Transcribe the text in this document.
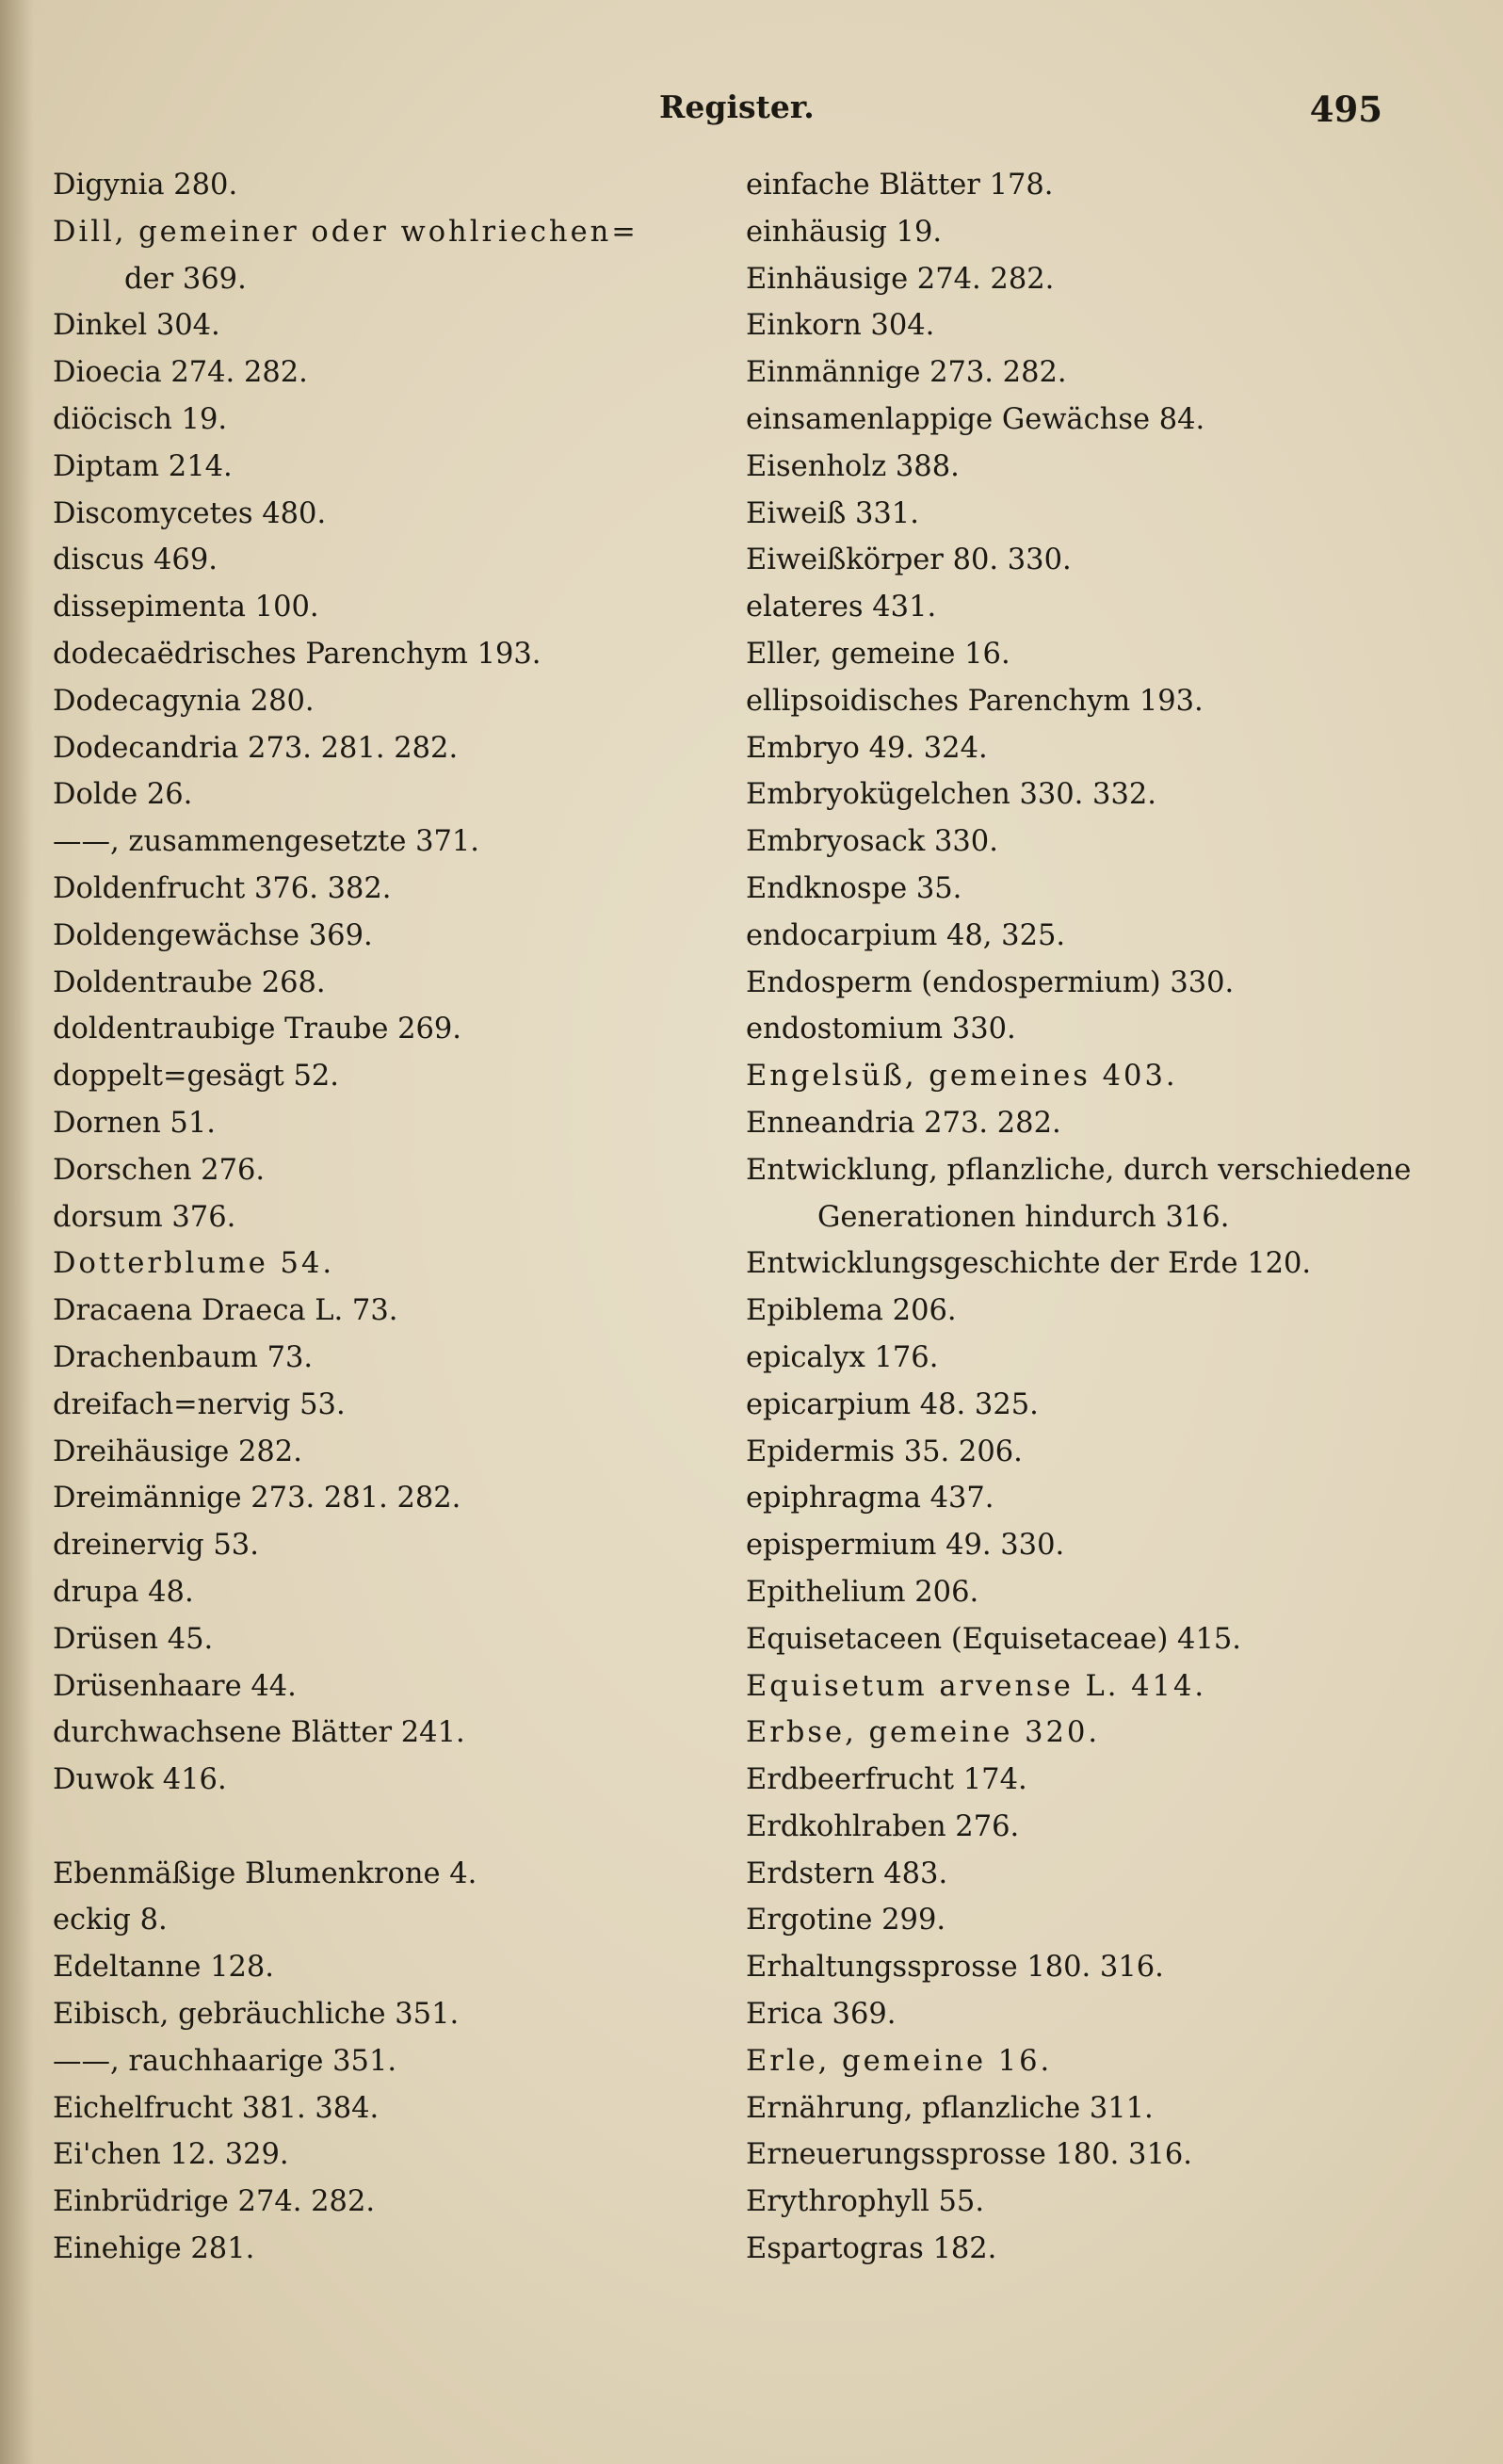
Register.	495
Digynia 280.
Dill, gemeiner oder wohlriechen=
der 369.
Dinkel 304.
Dioecia 274. 282.
diöcisch 19.
Diptam 214.
Discomycetes 480.
discus 469.
dissepimenta 100.
dodecaëdrisches Parenchym 193.
Dodecagynia 280.
Dodecandria 273. 281. 282.
Dolde 26.
——, zusammengesetzte 371.
Doldenfrucht 376. 382.
Doldengewächse 369.
Doldentraube 268.
doldentraubige Traube 269.
doppelt=gesägt 52.
Dornen 51.
Dorschen 276.
dorsum 376.
Dotterblume 54.
Dracaena Draeca L. 73.
Drachenbaum 73.
dreifach=nervig 53.
Dreihäusige 282.
Dreimännige 273. 281. 282.
dreinervig 53.
drupa 48.
Drüsen 45.
Drüsenhaare 44.
durchwachsene Blätter 241.
Duwok 416.
Ebenmäßige Blumenkrone 4.
eckig 8.
Edeltanne 128.
Eibisch, gebräuchliche 351.
——, rauchhaarige 351.
Eichelfrucht 381. 384.
Ei'chen 12. 329.
Einbrüdrige 274. 282.
Einehige 281.
einfache Blätter 178.
einhäusig 19.
Einhäusige 274. 282.
Einkorn 304.
Einmännige 273. 282.
einsamenlappige Gewächse 84.
Eisenholz 388.
Eiweiß 331.
Eiweißkörper 80. 330.
elateres 431.
Eller, gemeine 16.
ellipsoidisches Parenchym 193.
Embryo 49. 324.
Embryokügelchen 330. 332.
Embryosack 330.
Endknospe 35.
endocarpium 48, 325.
Endosperm (endospermium) 330.
endostomium 330.
Engelsüß, gemeines 403.
Enneandria 273. 282.
Entwicklung, pflanzliche, durch verschiedene
Generationen hindurch 316.
Entwicklungsgeschichte der Erde 120.
Epiblema 206.
epicalyx 176.
epicarpium 48. 325.
Epidermis 35. 206.
epiphragma 437.
epispermium 49. 330.
Epithelium 206.
Equisetaceen (Equisetaceae) 415.
Equisetum arvense L. 414.
Erbse, gemeine 320.
Erdbeerfrucht 174.
Erdkohlraben 276.
Erdstern 483.
Ergotine 299.
Erhaltungssprosse 180. 316.
Erica 369.
Erle, gemeine 16.
Ernährung, pflanzliche 311.
Erneuerungssprosse 180. 316.
Erythrophyll 55.
Espartogras 182.
